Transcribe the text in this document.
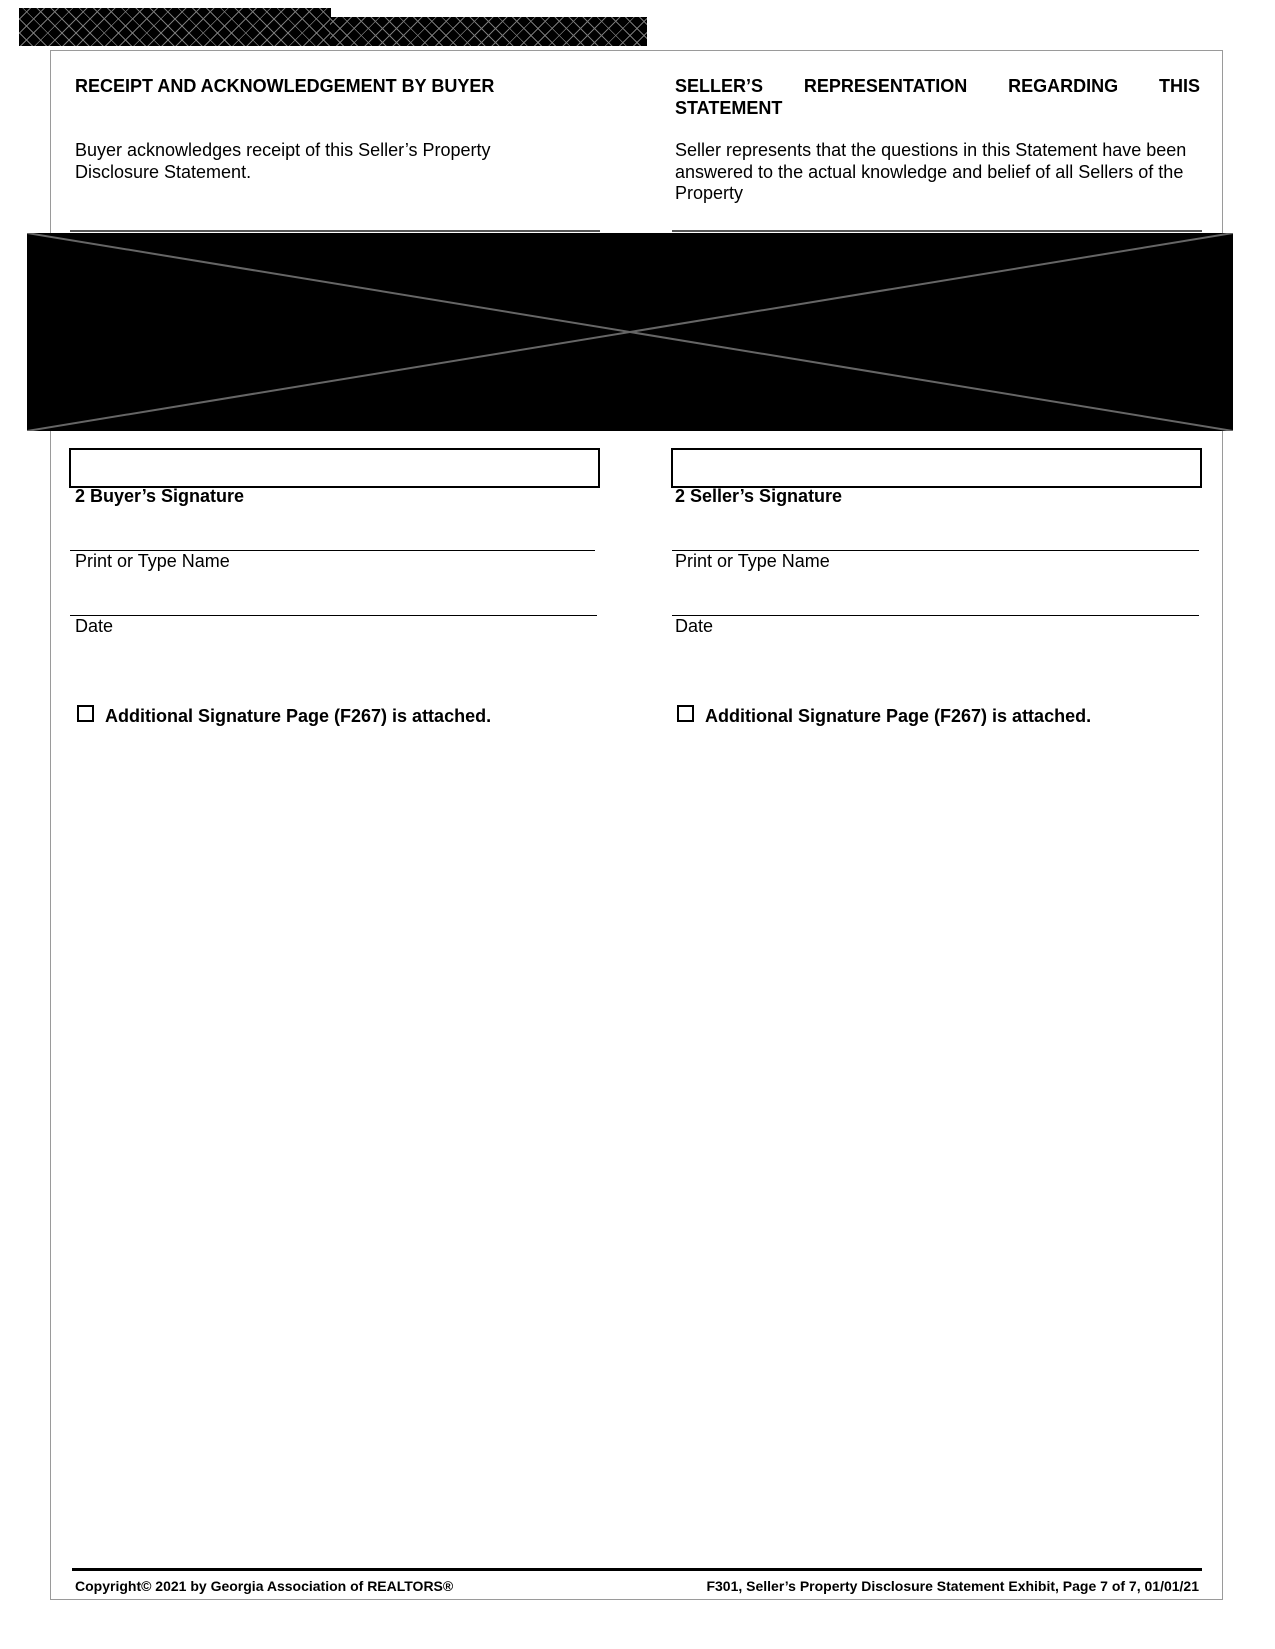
RECEIPT AND ACKNOWLEDGEMENT BY BUYER	SELLER’S REPRESENTATION REGARDING THIS STATEMENT
Buyer acknowledges receipt of this Seller’s Property Disclosure Statement.
Seller represents that the questions in this Statement have been answered to the actual knowledge and belief of all Sellers of the Property
2 Buyer’s Signature	2 Seller’s Signature
Print or Type Name	Print or Type Name
Date	Date
Additional Signature Page (F267) is attached.	Additional Signature Page (F267) is attached.
Copyright© 2021 by Georgia Association of REALTORS®	F301, Seller’s Property Disclosure Statement Exhibit, Page 7 of 7, 01/01/21
